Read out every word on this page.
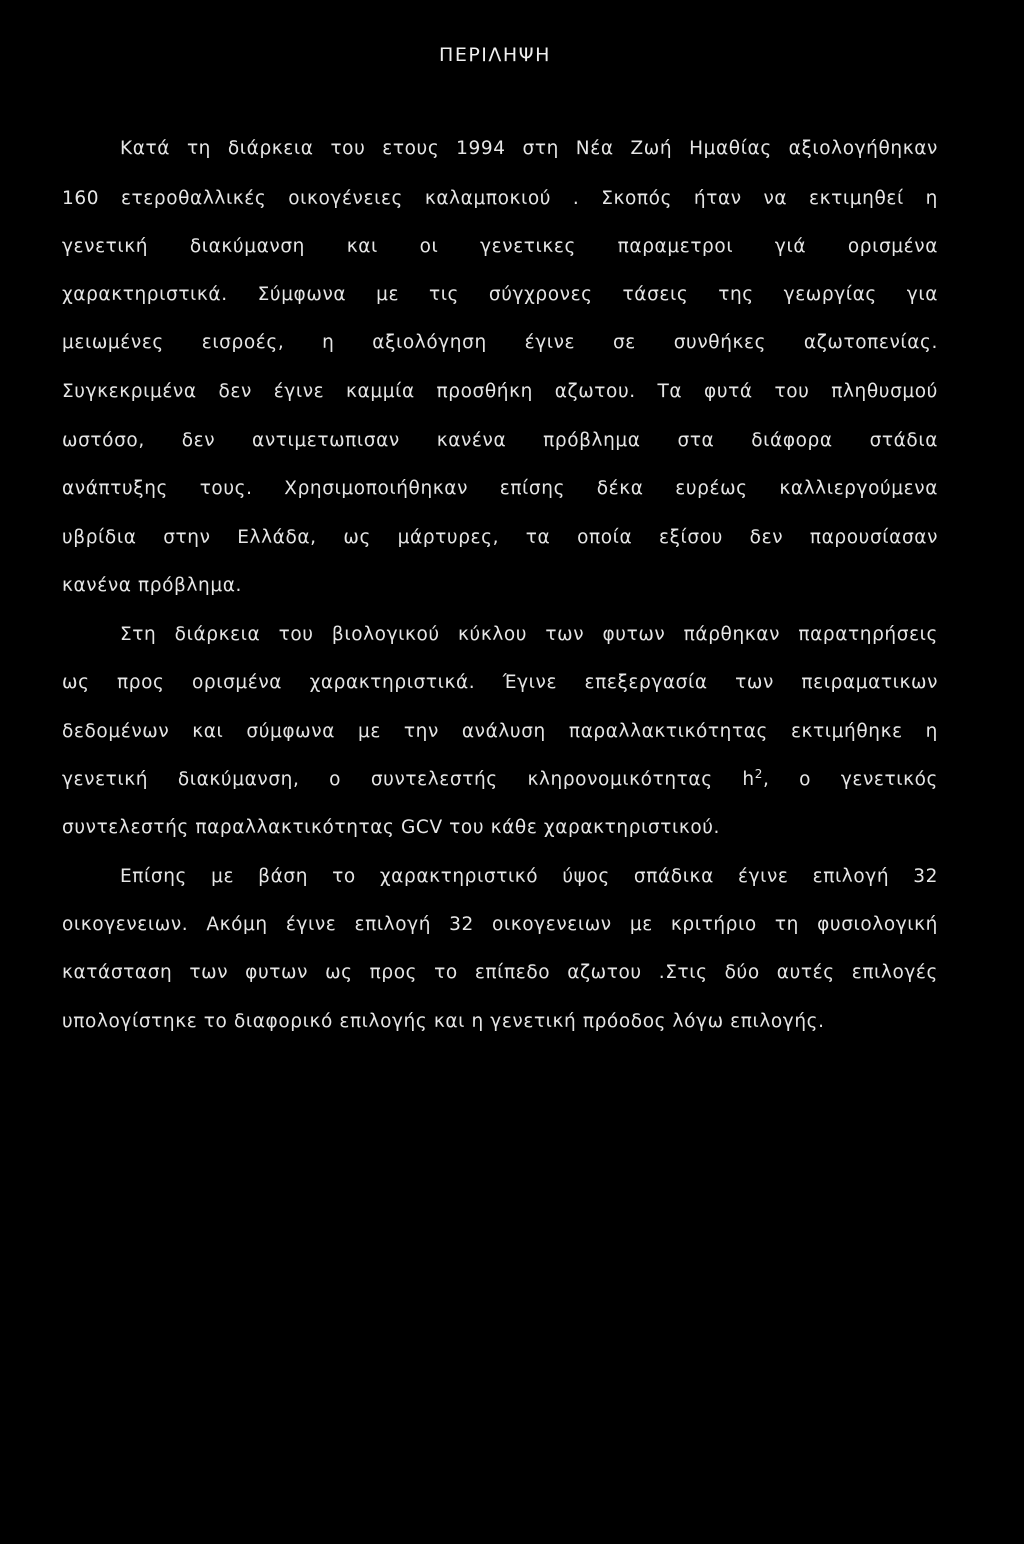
ΠΕΡΙΛΗΨΗ
Κατά τη διάρκεια του ετους 1994 στη Νέα Ζωή Ημαθίας αξιολογήθηκαν
160 ετεροθαλλικές οικογένειες καλαμποκιού . Σκοπός ήταν να εκτιμηθεί η
γενετική διακύμανση και οι γενετικες παραμετροι γιά ορισμένα
χαρακτηριστικά. Σύμφωνα με τις σύγχρονες τάσεις της γεωργίας για
μειωμένες εισροές, η αξιολόγηση έγινε σε συνθήκες αζωτοπενίας.
Συγκεκριμένα δεν έγινε καμμία προσθήκη αζωτου. Τα φυτά του πληθυσμού
ωστόσο, δεν αντιμετωπισαν κανένα πρόβλημα στα διάφορα στάδια
ανάπτυξης τους. Χρησιμοποιήθηκαν επίσης δέκα ευρέως καλλιεργούμενα
υβρίδια στην Ελλάδα, ως μάρτυρες, τα οποία εξίσου δεν παρουσίασαν
κανένα πρόβλημα.
Στη διάρκεια του βιολογικού κύκλου των φυτων πάρθηκαν παρατηρήσεις
ως προς ορισμένα χαρακτηριστικά. Έγινε επεξεργασία των πειραματικων
δεδομένων και σύμφωνα με την ανάλυση παραλλακτικότητας εκτιμήθηκε η
γενετική διακύμανση, ο συντελεστής κληρονομικότητας $h^2$, ο γενετικός
συντελεστής παραλλακτικότητας GCV του κάθε χαρακτηριστικού.
Επίσης με βάση το χαρακτηριστικό ύψος σπάδικα έγινε επιλογή 32
οικογενειων. Ακόμη έγινε επιλογή 32 οικογενειων με κριτήριο τη φυσιολογική
κατάσταση των φυτων ως προς το επίπεδο αζωτου .Στις δύο αυτές επιλογές
υπολογίστηκε το διαφορικό επιλογής και η γενετική πρόοδος λόγω επιλογής.
